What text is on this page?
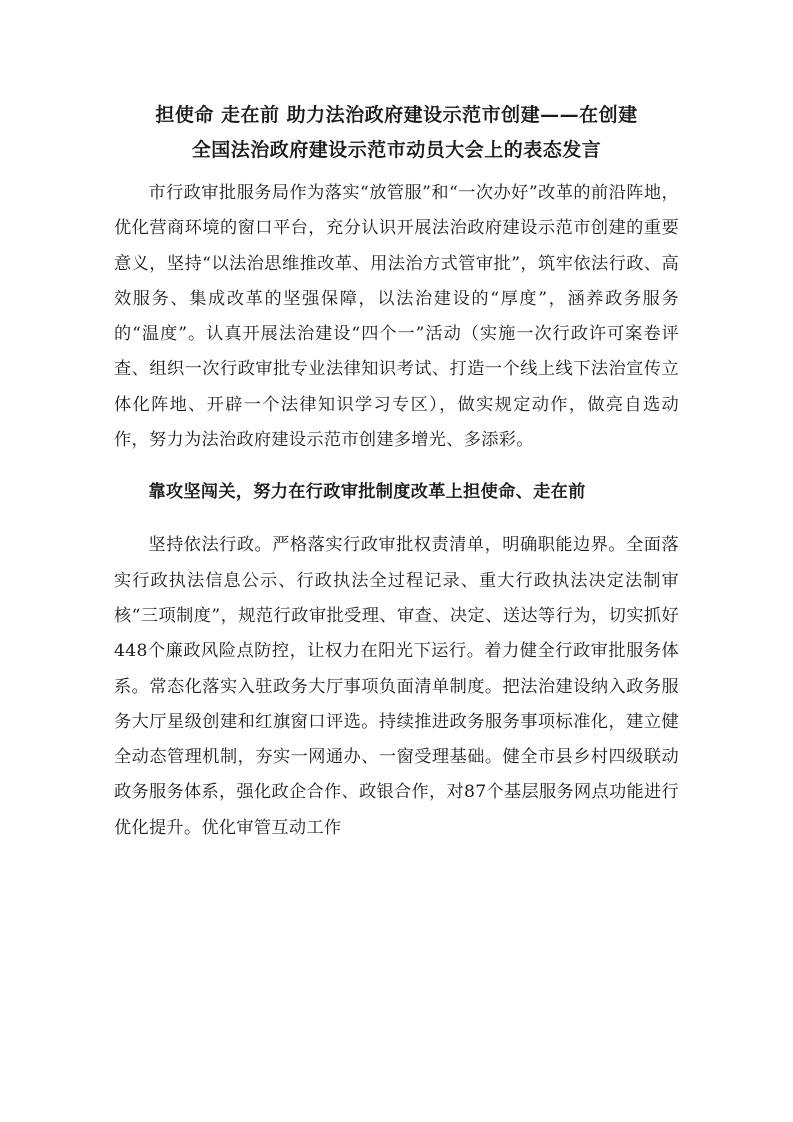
担使命 走在前 助力法治政府建设示范市创建——在创建
全国法治政府建设示范市动员大会上的表态发言

市行政审批服务局作为落实“放管服”和“一次办好”改革的前沿阵地，优化营商环境的窗口平台，充分认识开展法治政府建设示范市创建的重要意义，坚持“以法治思维推改革、用法治方式管审批”，筑牢依法行政、高效服务、集成改革的坚强保障，以法治建设的“厚度”，涵养政务服务的“温度”。认真开展法治建设“四个一”活动（实施一次行政许可案卷评查、组织一次行政审批专业法律知识考试、打造一个线上线下法治宣传立体化阵地、开辟一个法律知识学习专区），做实规定动作，做亮自选动作，努力为法治政府建设示范市创建多增光、多添彩。

靠攻坚闯关，努力在行政审批制度改革上担使命、走在前

坚持依法行政。严格落实行政审批权责清单，明确职能边界。全面落实行政执法信息公示、行政执法全过程记录、重大行政执法决定法制审核“三项制度”，规范行政审批受理、审查、决定、送达等行为，切实抓好448个廉政风险点防控，让权力在阳光下运行。着力健全行政审批服务体系。常态化落实入驻政务大厅事项负面清单制度。把法治建设纳入政务服务大厅星级创建和红旗窗口评选。持续推进政务服务事项标准化，建立健全动态管理机制，夯实一网通办、一窗受理基础。健全市县乡村四级联动政务服务体系，强化政企合作、政银合作，对87个基层服务网点功能进行优化提升。优化审管互动工作
